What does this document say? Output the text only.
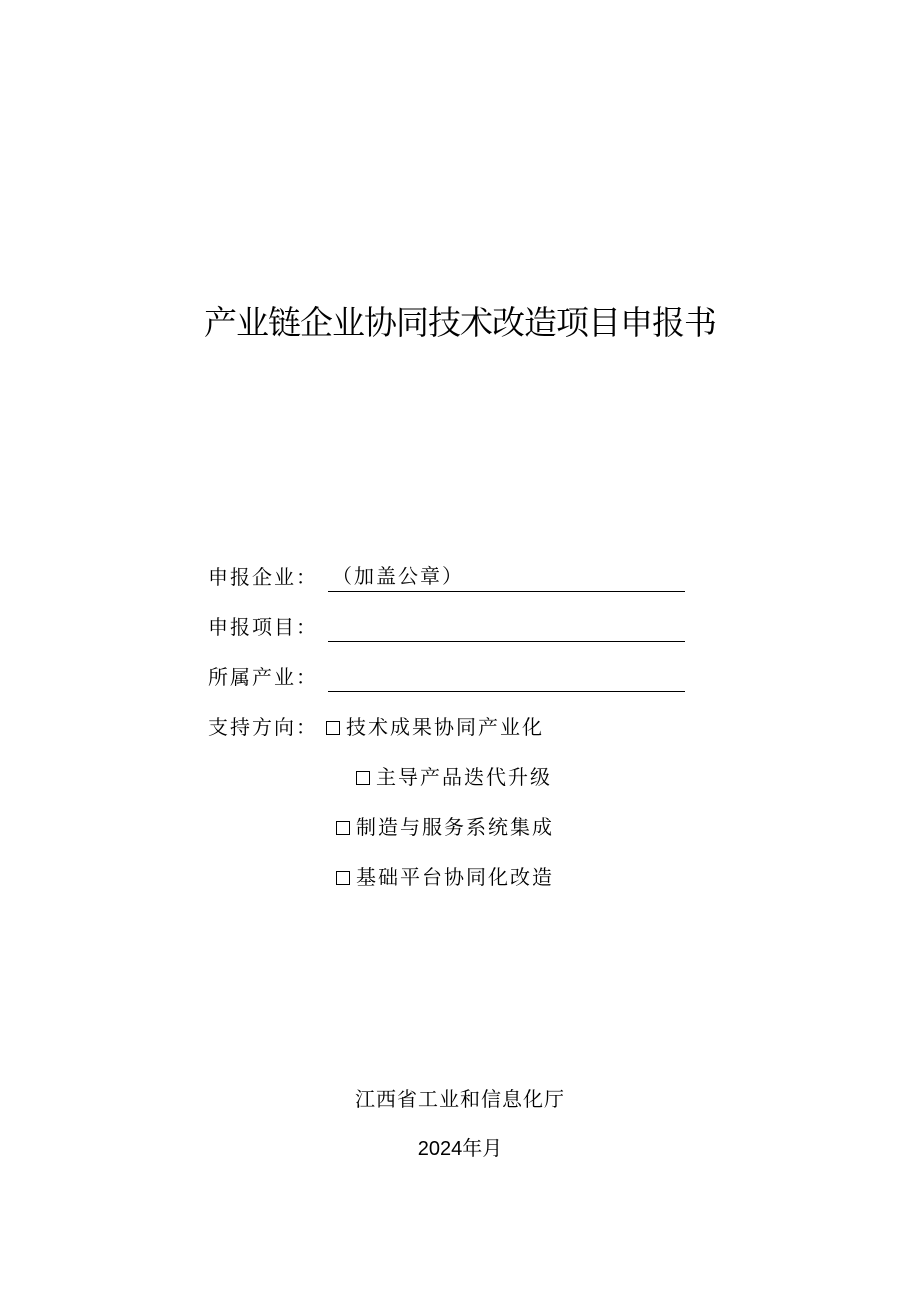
产业链企业协同技术改造项目申报书
申报企业： （加盖公章）
申报项目：
所属产业：
支持方向：	技术成果协同产业化
主导产品迭代升级
制造与服务系统集成
基础平台协同化改造
江西省工业和信息化厅
2024年月
